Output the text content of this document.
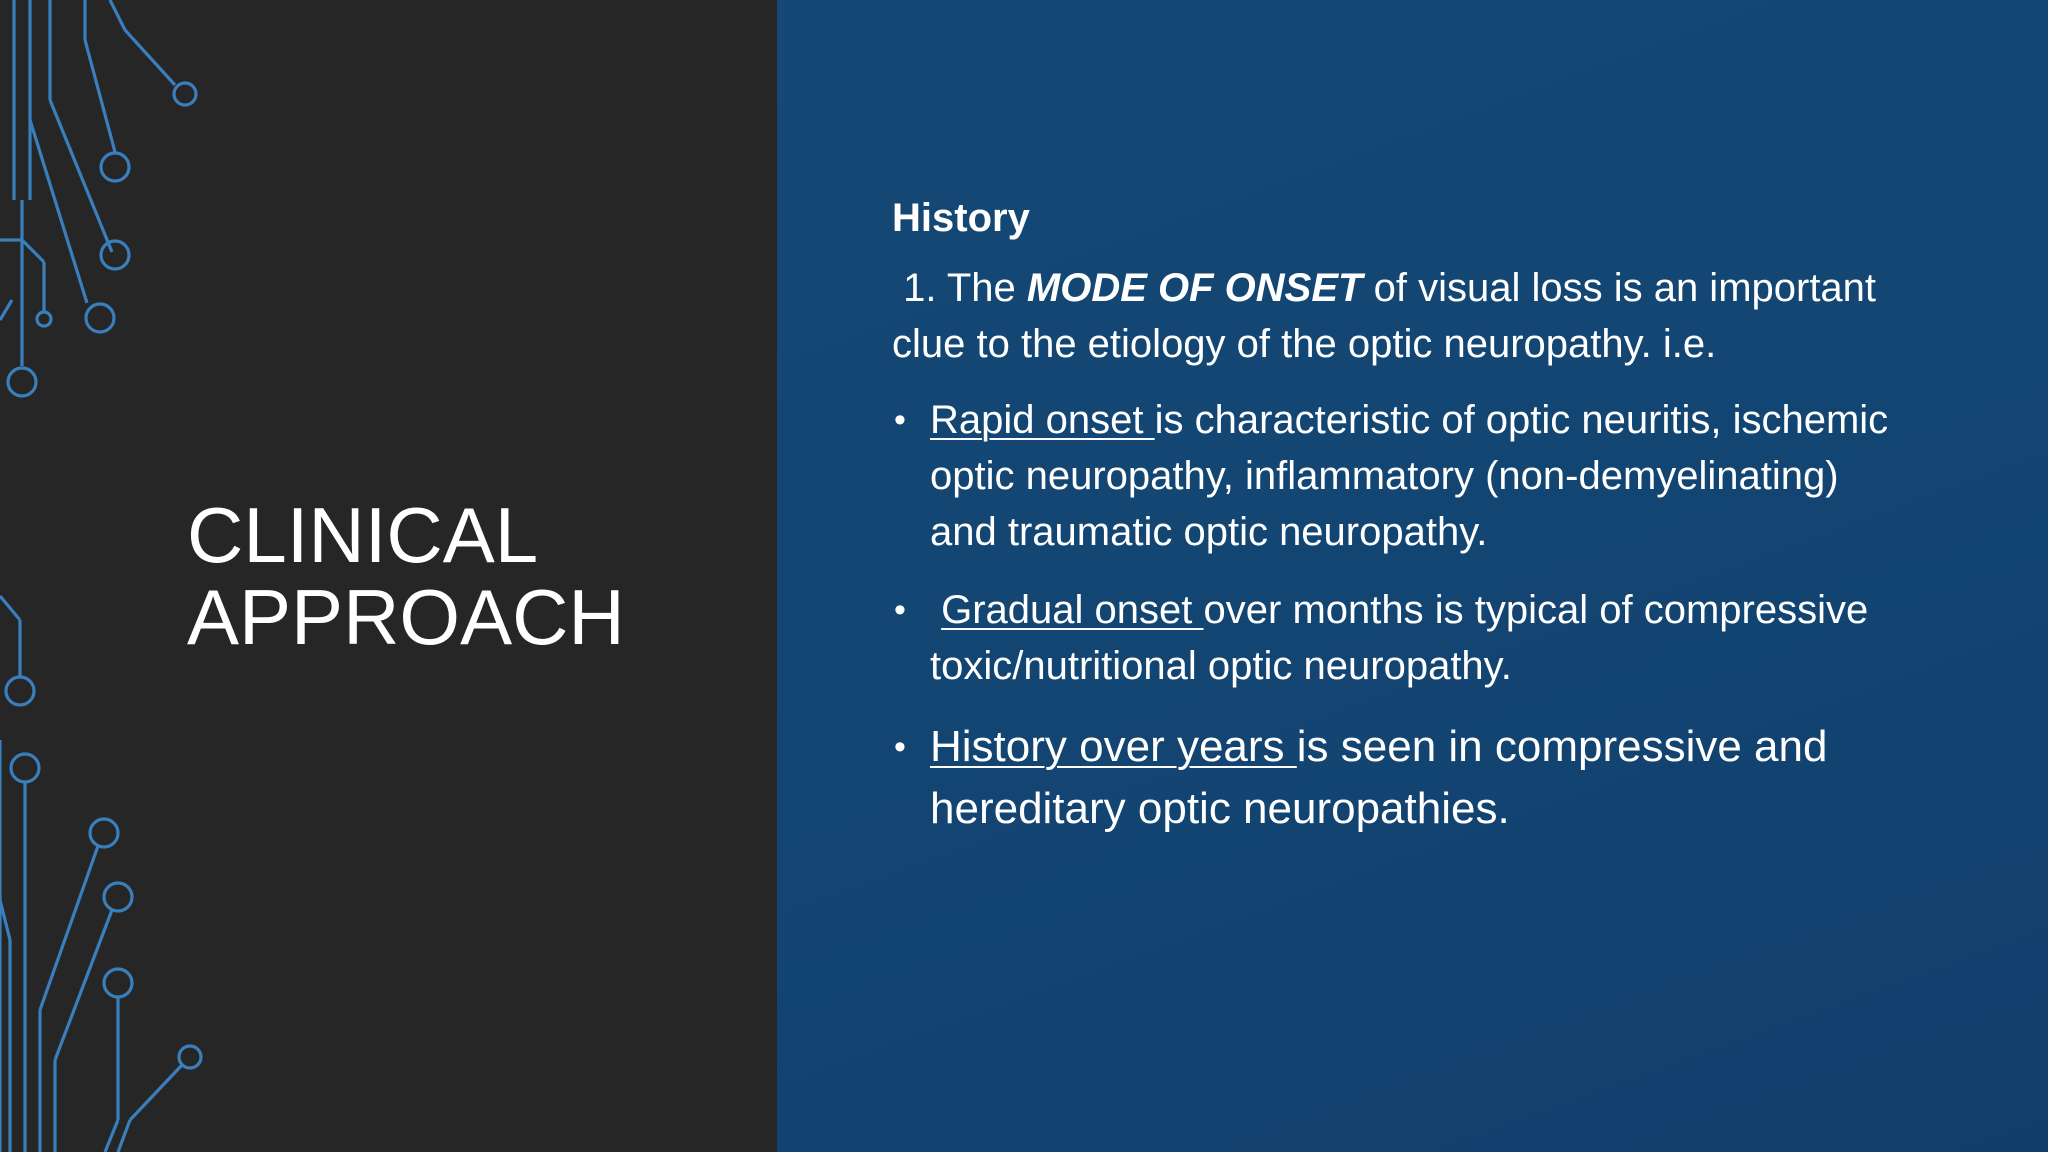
CLINICAL
APPROACH

History

1. The MODE OF ONSET of visual loss is an important clue to the etiology of the optic neuropathy. i.e.

• Rapid onset is characteristic of optic neuritis, ischemic optic neuropathy, inflammatory (non-demyelinating) and traumatic optic neuropathy.
• Gradual onset over months is typical of compressive toxic/nutritional optic neuropathy.
• History over years is seen in compressive and hereditary optic neuropathies.
